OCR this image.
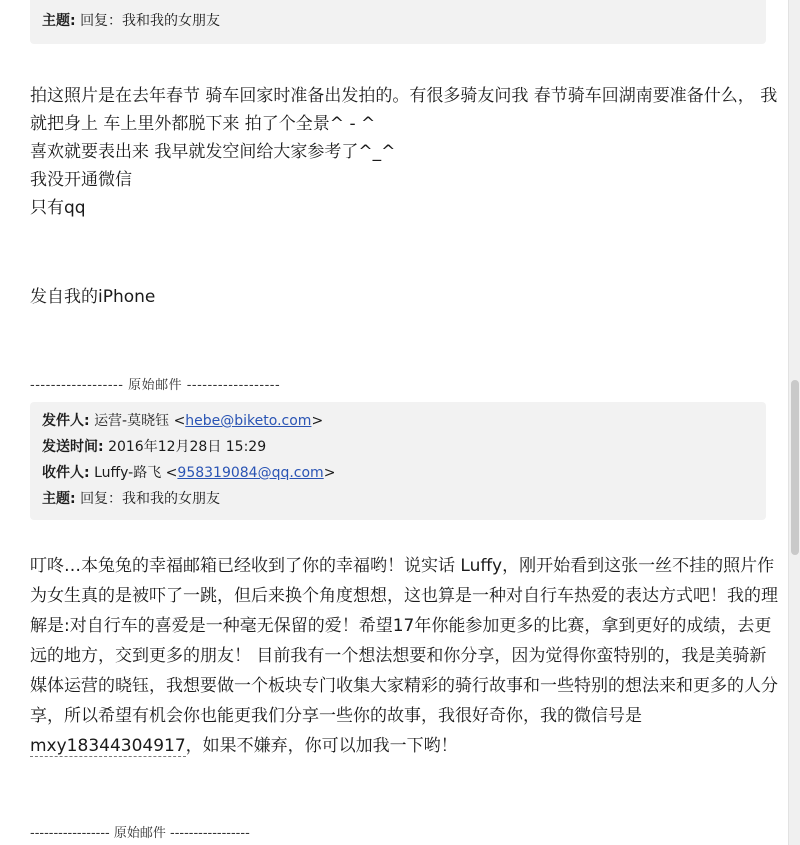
主题: 回复：我和我的女朋友
拍这照片是在去年春节 骑车回家时准备出发拍的。有很多骑友问我 春节骑车回湖南要准备什么， 我就把身上 车上里外都脱下来 拍了个全景^ - ^
喜欢就要表出来 我早就发空间给大家参考了^_^
我没开通微信
只有qq
发自我的iPhone
------------------ 原始邮件 ------------------
发件人: 运营-莫晓钰 <hebe@biketo.com>
发送时间: 2016年12月28日 15:29
收件人: Luffy-路飞 <958319084@qq.com>
主题: 回复：我和我的女朋友
叮咚…本兔兔的幸福邮箱已经收到了你的幸福哟！说实话 Luffy，刚开始看到这张一丝不挂的照片作为女生真的是被吓了一跳，但后来换个角度想想，这也算是一种对自行车热爱的表达方式吧！我的理解是:对自行车的喜爱是一种毫无保留的爱！希望17年你能参加更多的比赛，拿到更好的成绩，去更远的地方，交到更多的朋友！ 目前我有一个想法想要和你分享，因为觉得你蛮特别的，我是美骑新媒体运营的晓钰，我想要做一个板块专门收集大家精彩的骑行故事和一些特别的想法来和更多的人分享，所以希望有机会你也能更我们分享一些你的故事，我很好奇你，我的微信号是mxy18344304917，如果不嫌弃，你可以加我一下哟！
----------------- 原始邮件 -----------------
